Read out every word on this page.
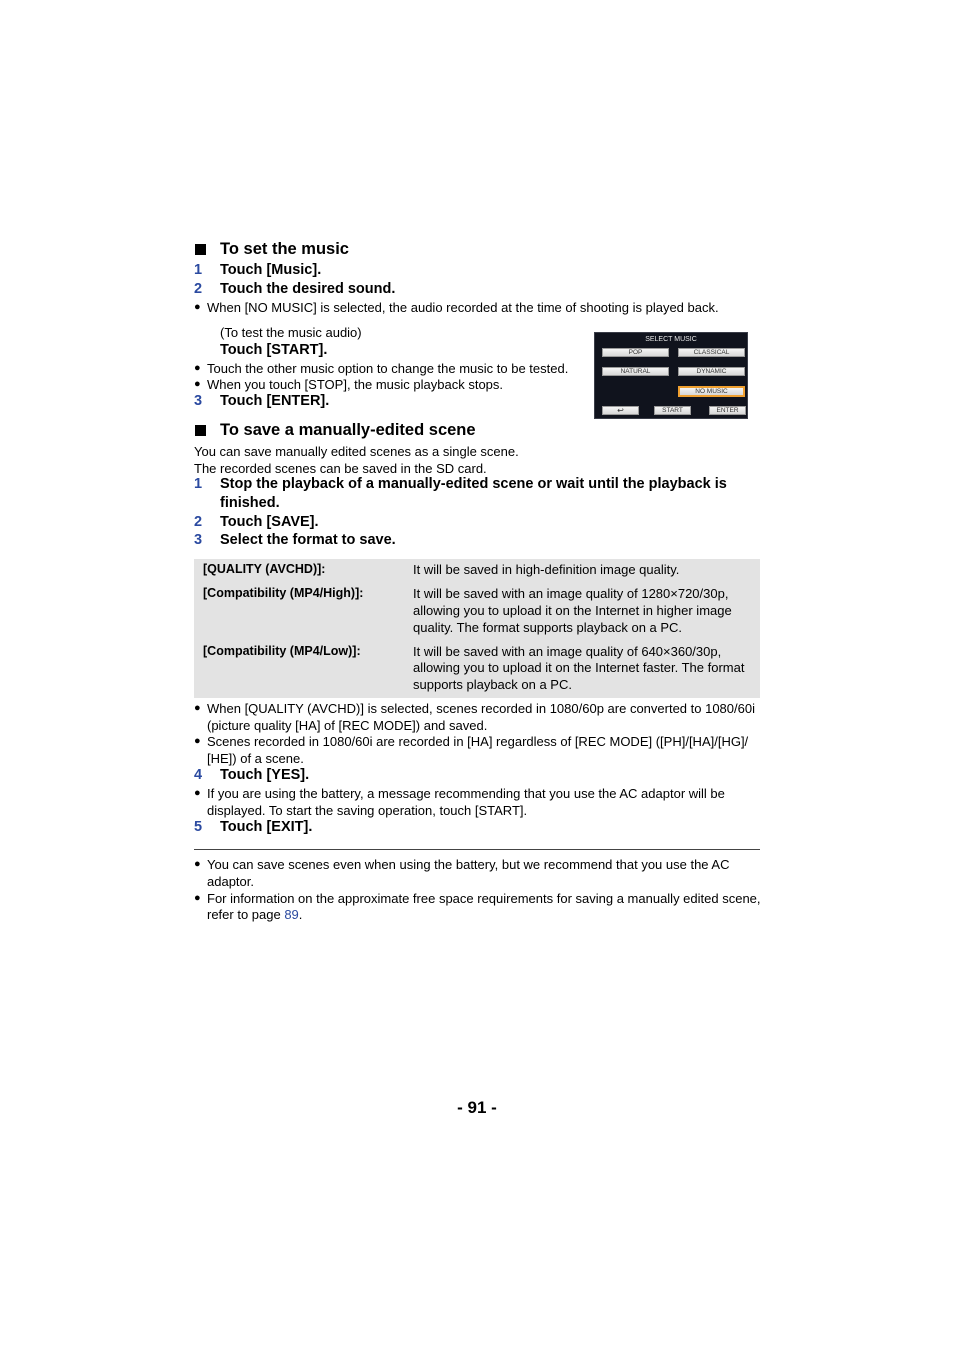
To set the music
1 Touch [Music].
2 Touch the desired sound.
● When [NO MUSIC] is selected, the audio recorded at the time of shooting is played back.
(To test the music audio)
Touch [START].
● Touch the other music option to change the music to be tested.
● When you touch [STOP], the music playback stops.
3 Touch [ENTER].
SELECT MUSIC
POP	CLASSICAL
NATURAL	DYNAMIC
NO MUSIC
↩	START	ENTER
To save a manually-edited scene
You can save manually edited scenes as a single scene.
The recorded scenes can be saved in the SD card.
1 Stop the playback of a manually-edited scene or wait until the playback is
finished.
2 Touch [SAVE].
3 Select the format to save.
[QUALITY (AVCHD)]:	It will be saved in high-definition image quality.
[Compatibility (MP4/High)]:	It will be saved with an image quality of 1280×720/30p,
allowing you to upload it on the Internet in higher image
quality. The format supports playback on a PC.
[Compatibility (MP4/Low)]:	It will be saved with an image quality of 640×360/30p,
allowing you to upload it on the Internet faster. The format
supports playback on a PC.
● When [QUALITY (AVCHD)] is selected, scenes recorded in 1080/60p are converted to 1080/60i
(picture quality [HA] of [REC MODE]) and saved.
● Scenes recorded in 1080/60i are recorded in [HA] regardless of [REC MODE] ([PH]/[HA]/[HG]/
[HE]) of a scene.
4 Touch [YES].
● If you are using the battery, a message recommending that you use the AC adaptor will be
displayed. To start the saving operation, touch [START].
5 Touch [EXIT].
● You can save scenes even when using the battery, but we recommend that you use the AC
adaptor.
● For information on the approximate free space requirements for saving a manually edited scene,
refer to page 89.
- 91 -
